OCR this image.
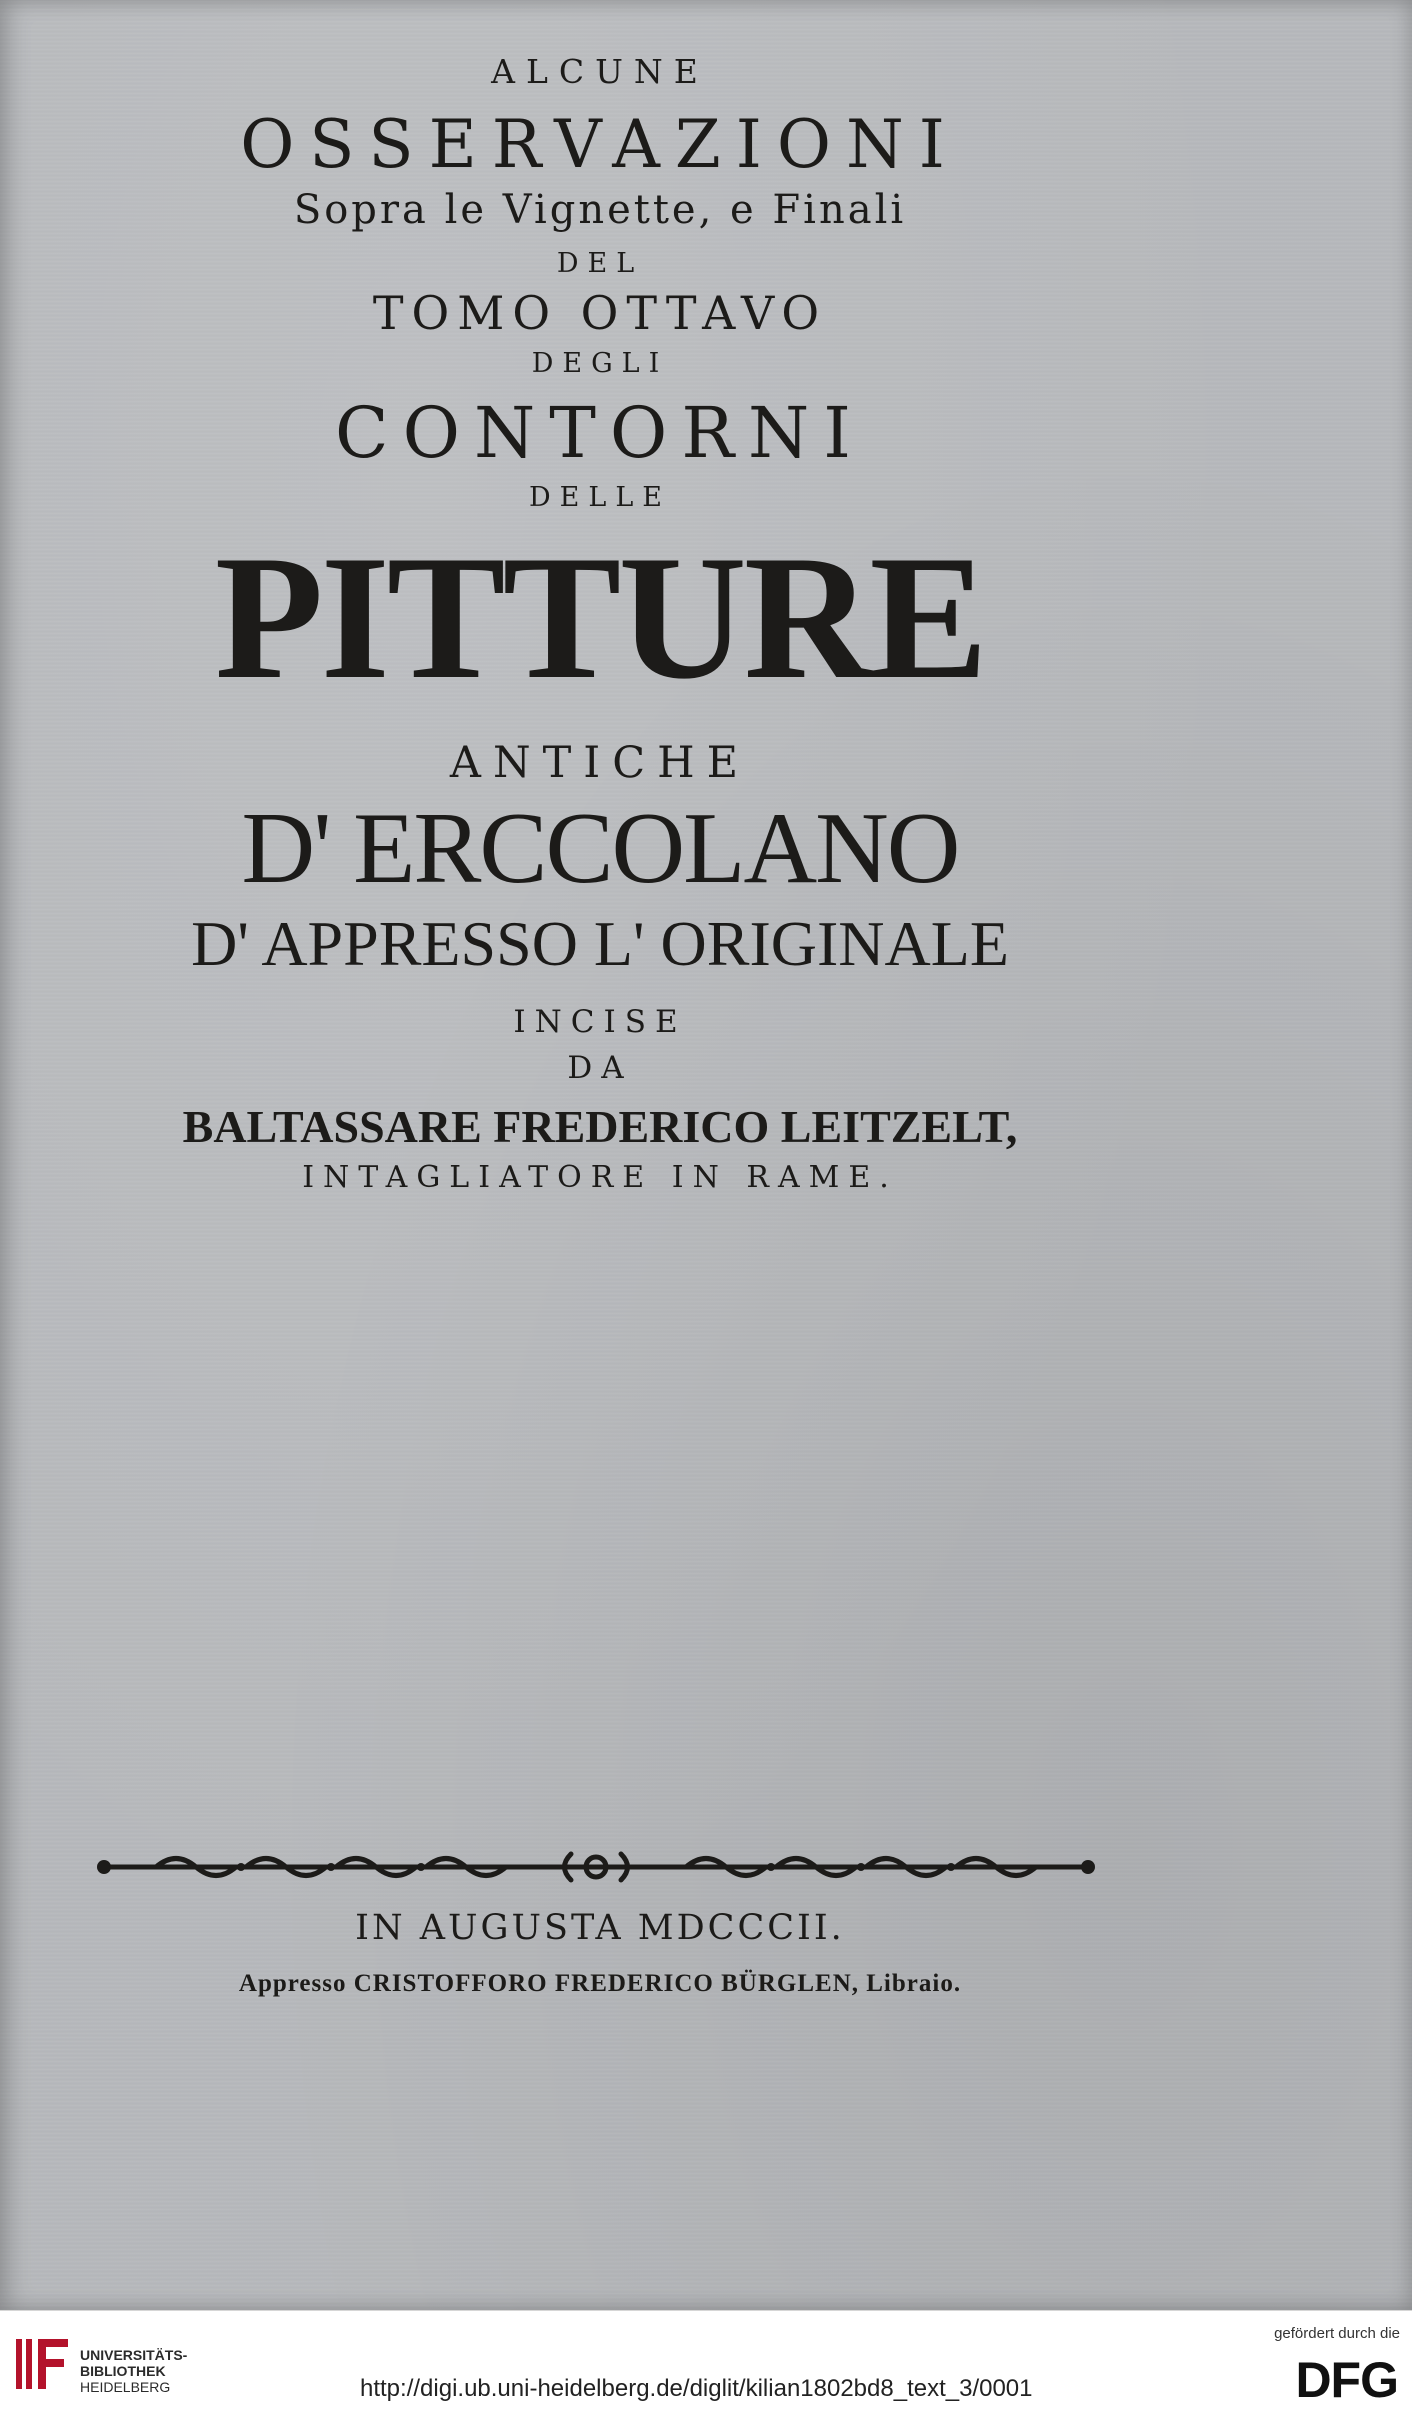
ALCUNE
OSSERVAZIONI
Sopra le Vignette, e Finali
DEL
TOMO OTTAVO
DEGLI
CONTORNI
DELLE
PITTURE
ANTICHE
D' ERCCOLANO
D' APPRESSO L' ORIGINALE
INCISE
DA
BALTASSARE FREDERICO LEITZELT,
INTAGLIATORE IN RAME.
IN AUGUSTA MDCCCII.
Appresso CRISTOFFORO FREDERICO BÜRGLEN, Libraio.
UNIVERSITÄTS-
BIBLIOTHEK
HEIDELBERG
gefördert durch die
DFG
http://digi.ub.uni-heidelberg.de/diglit/kilian1802bd8_text_3/0001
